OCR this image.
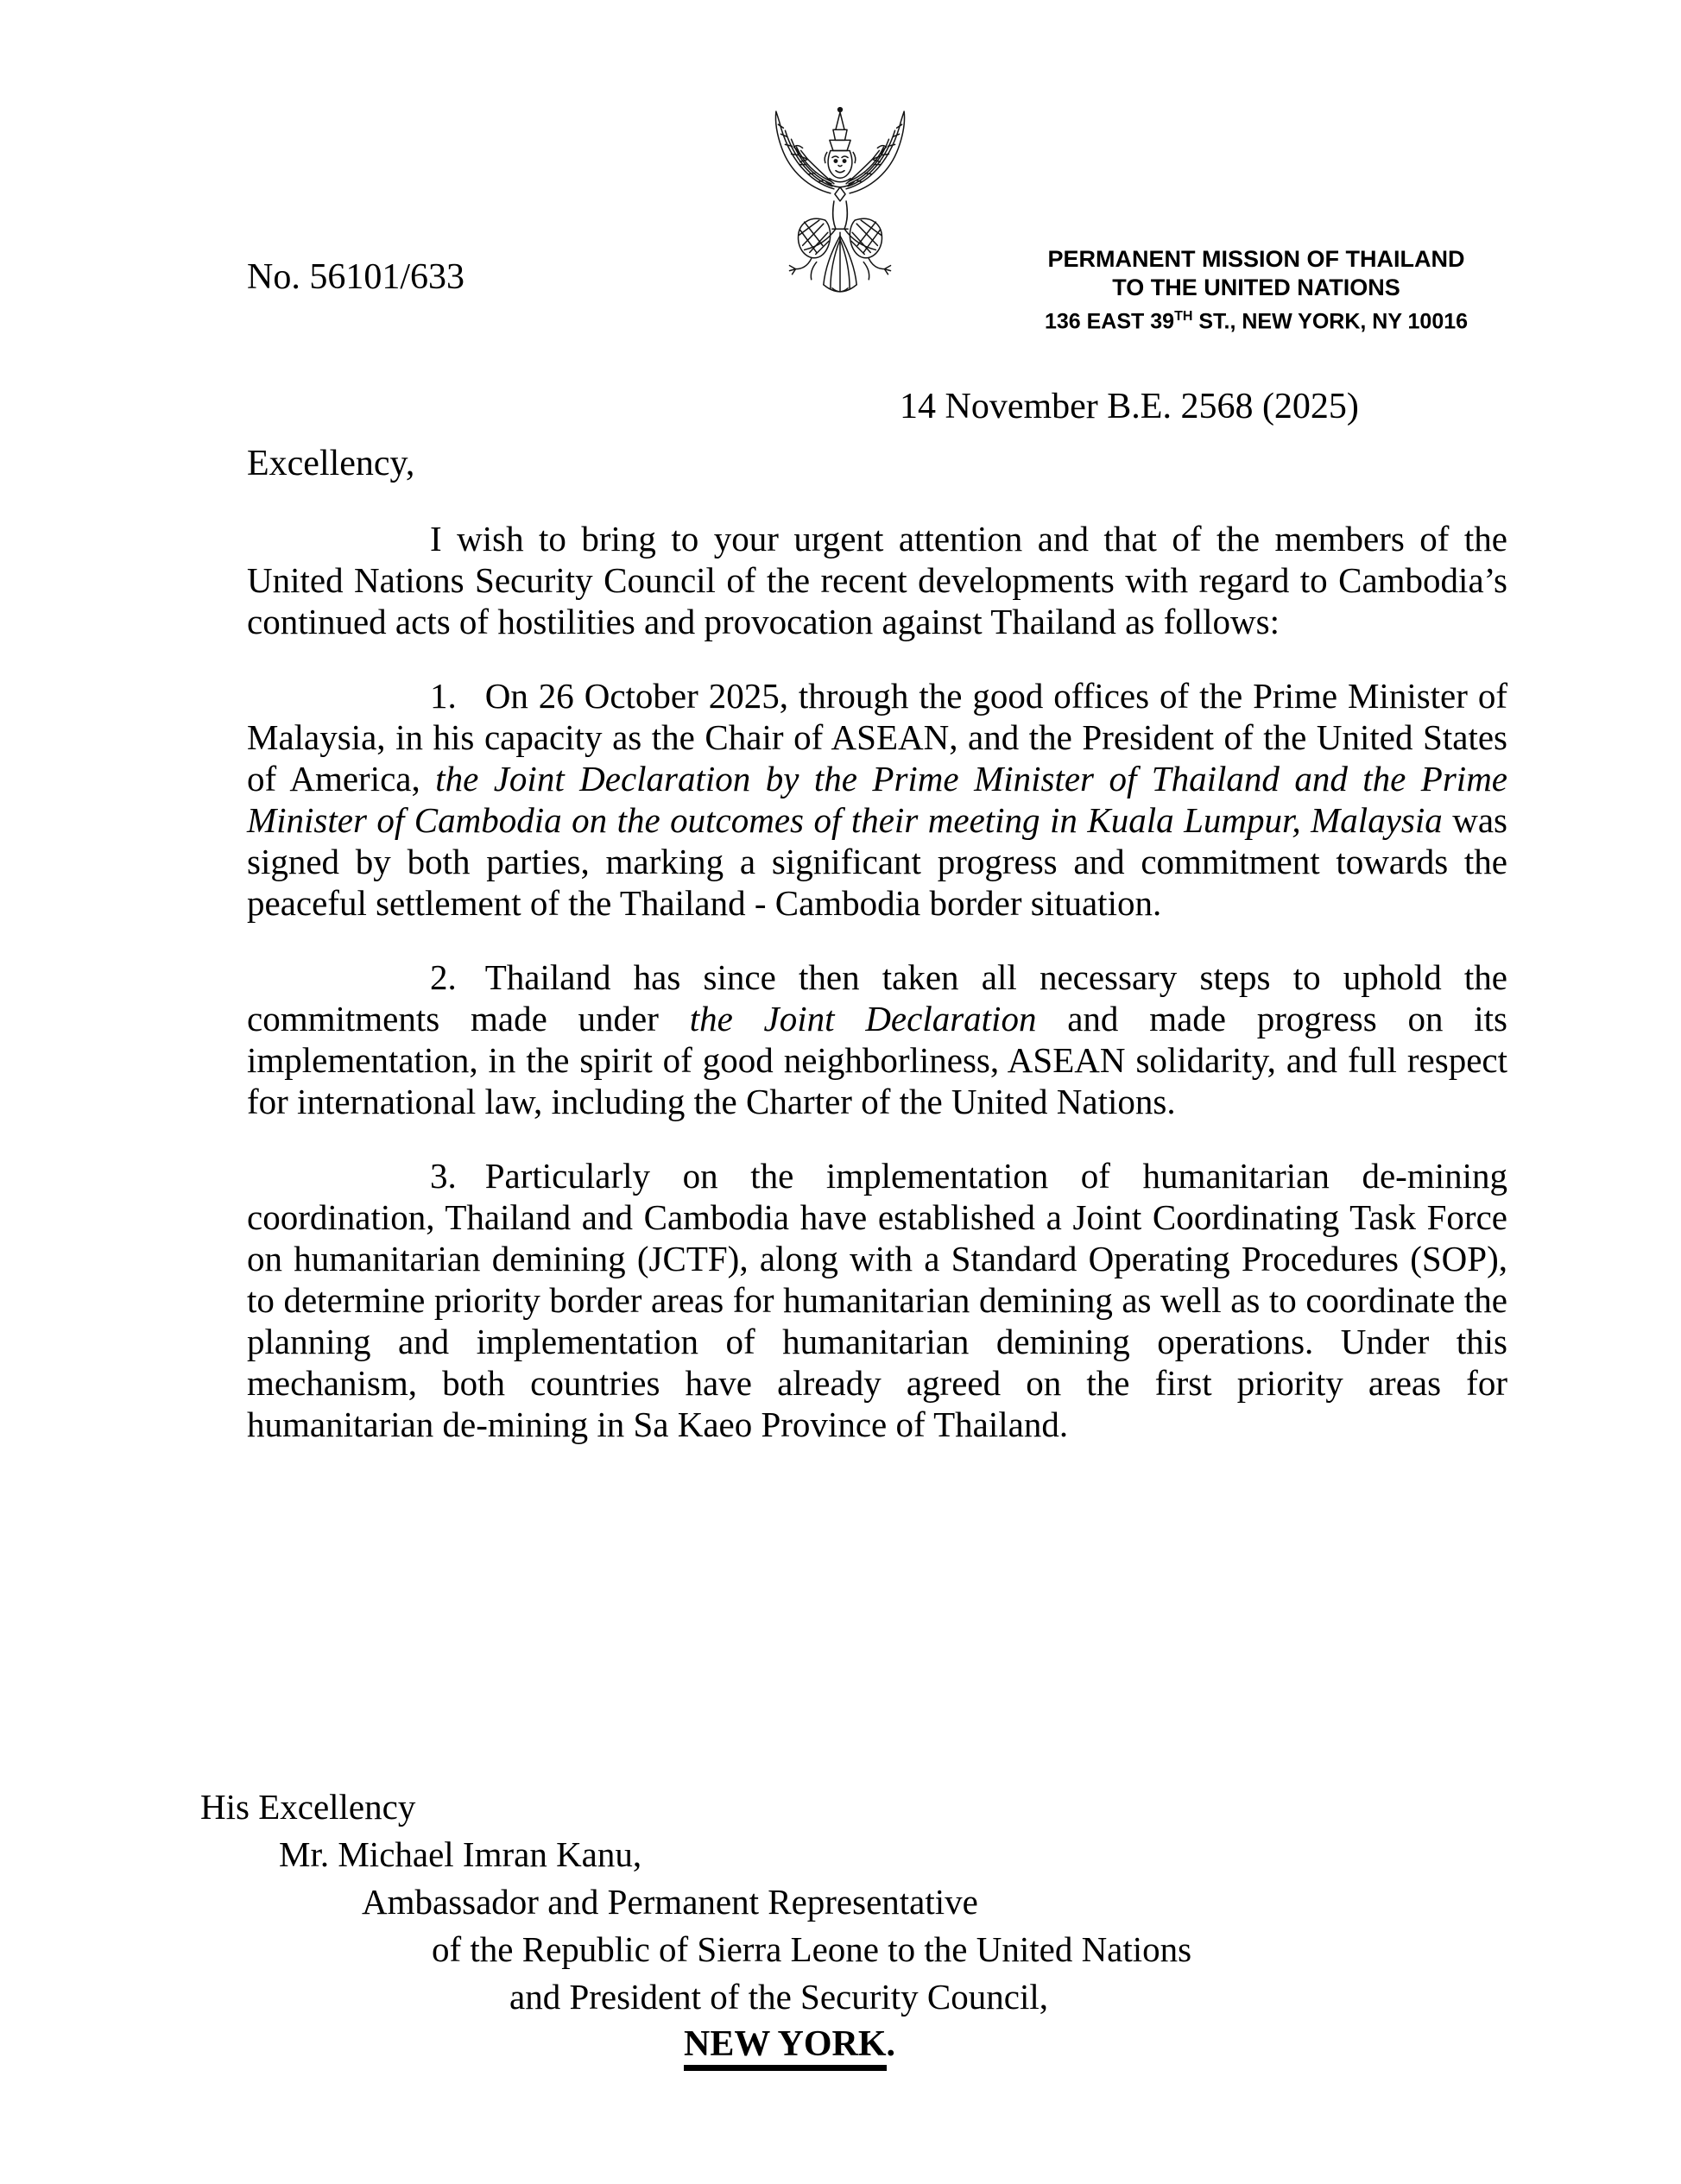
No. 56101/633	PERMANENT MISSION OF THAILAND
TO THE UNITED NATIONS
136 EAST 39TH ST., NEW YORK, NY 10016
14 November B.E. 2568 (2025)
Excellency,

I wish to bring to your urgent attention and that of the members of the United Nations Security Council of the recent developments with regard to Cambodia’s continued acts of hostilities and provocation against Thailand as follows:

1. On 26 October 2025, through the good offices of the Prime Minister of Malaysia, in his capacity as the Chair of ASEAN, and the President of the United States of America, the Joint Declaration by the Prime Minister of Thailand and the Prime Minister of Cambodia on the outcomes of their meeting in Kuala Lumpur, Malaysia was signed by both parties, marking a significant progress and commitment towards the peaceful settlement of the Thailand - Cambodia border situation.

2. Thailand has since then taken all necessary steps to uphold the commitments made under the Joint Declaration and made progress on its implementation, in the spirit of good neighborliness, ASEAN solidarity, and full respect for international law, including the Charter of the United Nations.

3. Particularly on the implementation of humanitarian de-mining coordination, Thailand and Cambodia have established a Joint Coordinating Task Force on humanitarian demining (JCTF), along with a Standard Operating Procedures (SOP), to determine priority border areas for humanitarian demining as well as to coordinate the planning and implementation of humanitarian demining operations. Under this mechanism, both countries have already agreed on the first priority areas for humanitarian de-mining in Sa Kaeo Province of Thailand.

His Excellency
Mr. Michael Imran Kanu,
Ambassador and Permanent Representative
of the Republic of Sierra Leone to the United Nations
and President of the Security Council,
NEW YORK.
